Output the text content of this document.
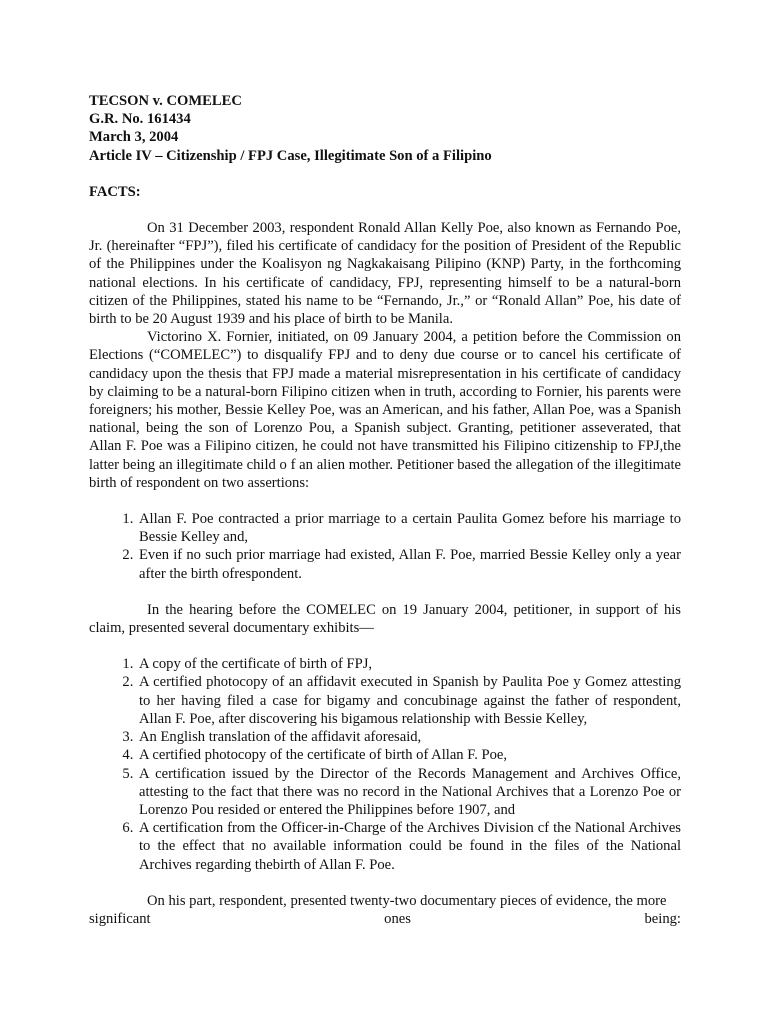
TECSON v. COMELEC

G.R. No. 161434

March 3, 2004

Article IV – Citizenship / FPJ Case, Illegitimate Son of a Filipino

FACTS:

On 31 December 2003, respondent Ronald Allan Kelly Poe, also known as Fernando Poe, Jr. (hereinafter “FPJ”), filed his certificate of candidacy for the position of President of the Republic of the Philippines under the Koalisyon ng Nagkakaisang Pilipino (KNP) Party, in the forthcoming national elections. In his certificate of candidacy, FPJ, representing himself to be a natural-born citizen of the Philippines, stated his name to be “Fernando, Jr.,” or “Ronald Allan” Poe, his date of birth to be 20 August 1939 and his place of birth to be Manila.

Victorino X. Fornier, initiated, on 09 January 2004, a petition before the Commission on Elections (“COMELEC”) to disqualify FPJ and to deny due course or to cancel his certificate of candidacy upon the thesis that FPJ made a material misrepresentation in his certificate of candidacy by claiming to be a natural-born Filipino citizen when in truth, according to Fornier, his parents were foreigners; his mother, Bessie Kelley Poe, was an American, and his father, Allan Poe, was a Spanish national, being the son of Lorenzo Pou, a Spanish subject. Granting, petitioner asseverated, that Allan F. Poe was a Filipino citizen, he could not have transmitted his Filipino citizenship to FPJ,the latter being an illegitimate child o f an alien mother. Petitioner based the allegation of the illegitimate birth of respondent on two assertions:

1. Allan F. Poe contracted a prior marriage to a certain Paulita Gomez before his marriage to Bessie Kelley and,
2. Even if no such prior marriage had existed, Allan F. Poe, married Bessie Kelley only a year after the birth ofrespondent.

In the hearing before the COMELEC on 19 January 2004, petitioner, in support of his claim, presented several documentary exhibits—

1. A copy of the certificate of birth of FPJ,
2. A certified photocopy of an affidavit executed in Spanish by Paulita Poe y Gomez attesting to her having filed a case for bigamy and concubinage against the father of respondent, Allan F. Poe, after discovering his bigamous relationship with Bessie Kelley,
3. An English translation of the affidavit aforesaid,
4. A certified photocopy of the certificate of birth of Allan F. Poe,
5. A certification issued by the Director of the Records Management and Archives Office, attesting to the fact that there was no record in the National Archives that a Lorenzo Poe or Lorenzo Pou resided or entered the Philippines before 1907, and
6. A certification from the Officer-in-Charge of the Archives Division cf the National Archives to the effect that no available information could be found in the files of the National Archives regarding thebirth of Allan F. Poe.

On his part, respondent, presented twenty-two documentary pieces of evidence, the more

significant	ones	being:
